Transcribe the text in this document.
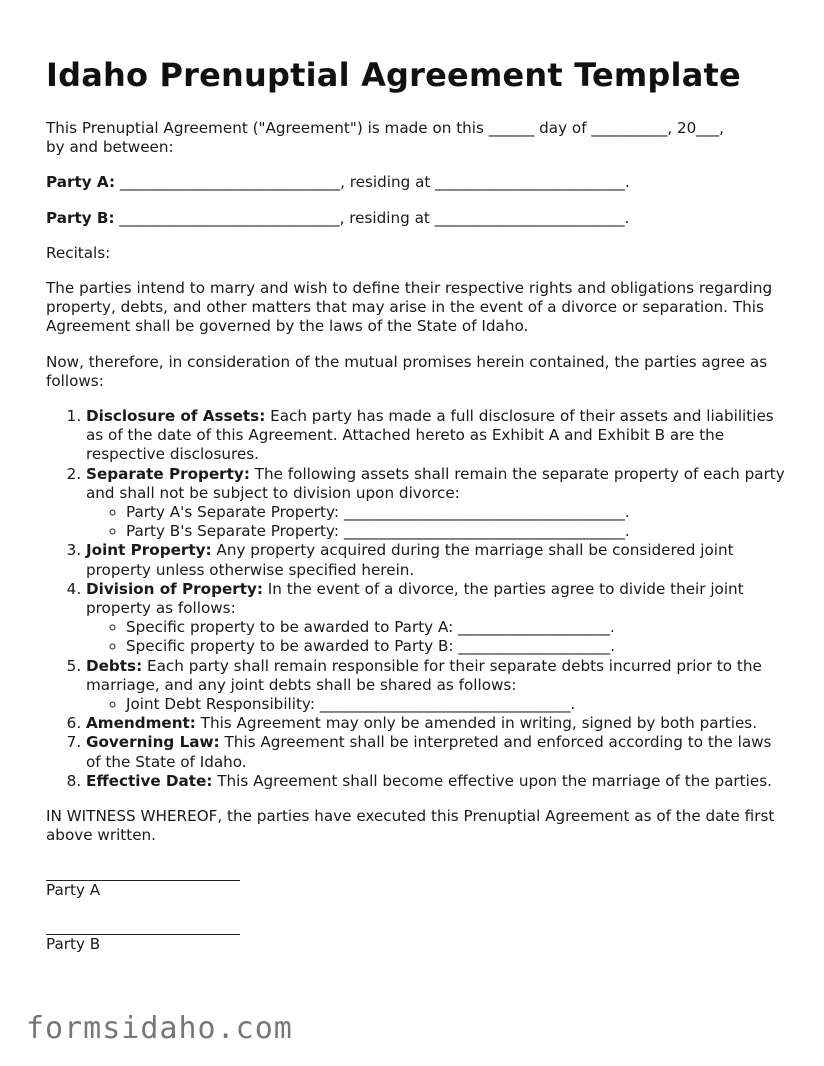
Idaho Prenuptial Agreement Template

This Prenuptial Agreement ("Agreement") is made on this ______ day of __________, 20___,
by and between:

Party A: _____________________________, residing at _________________________.

Party B: _____________________________, residing at _________________________.

Recitals:

The parties intend to marry and wish to define their respective rights and obligations regarding property, debts, and other matters that may arise in the event of a divorce or separation. This Agreement shall be governed by the laws of the State of Idaho.

Now, therefore, in consideration of the mutual promises herein contained, the parties agree as follows:

1. Disclosure of Assets: Each party has made a full disclosure of their assets and liabilities as of the date of this Agreement. Attached hereto as Exhibit A and Exhibit B are the respective disclosures.
2. Separate Property: The following assets shall remain the separate property of each party and shall not be subject to division upon divorce:
◦ Party A's Separate Property: _____________________________________.
◦ Party B's Separate Property: _____________________________________.
3. Joint Property: Any property acquired during the marriage shall be considered joint property unless otherwise specified herein.
4. Division of Property: In the event of a divorce, the parties agree to divide their joint property as follows:
◦ Specific property to be awarded to Party A: ____________________.
◦ Specific property to be awarded to Party B: ____________________.
5. Debts: Each party shall remain responsible for their separate debts incurred prior to the marriage, and any joint debts shall be shared as follows:
◦ Joint Debt Responsibility: _________________________________.
6. Amendment: This Agreement may only be amended in writing, signed by both parties.
7. Governing Law: This Agreement shall be interpreted and enforced according to the laws of the State of Idaho.
8. Effective Date: This Agreement shall become effective upon the marriage of the parties.

IN WITNESS WHEREOF, the parties have executed this Prenuptial Agreement as of the date first above written.

Party A
Party B
formsidaho.com
